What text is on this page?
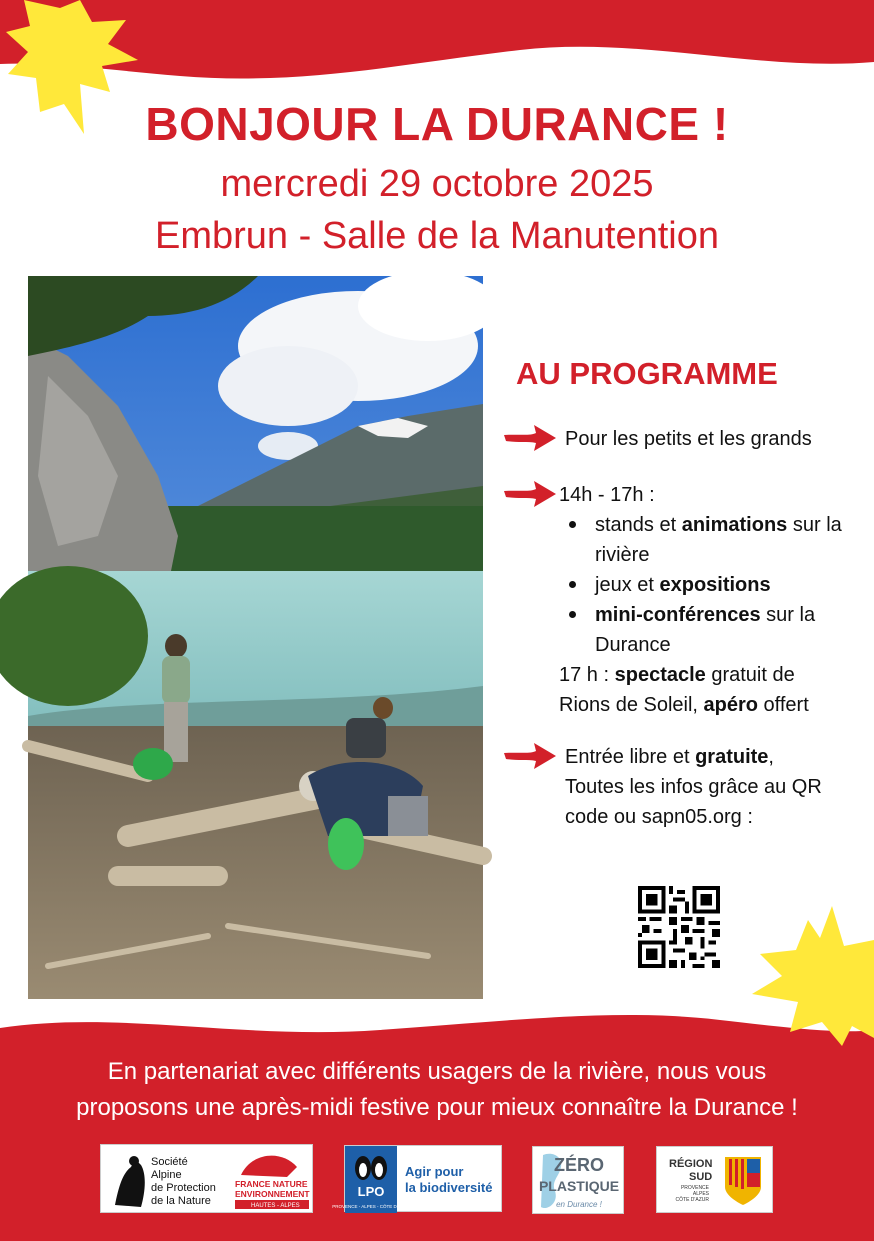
BONJOUR LA DURANCE !
mercredi 29 octobre 2025
Embrun - Salle de la Manutention
AU PROGRAMME
Pour les petits et les grands
14h - 17h :
stands et animations sur la rivière
jeux et expositions
mini-conférences sur la Durance
17 h : spectacle gratuit de Rions de Soleil, apéro offert
Entrée libre et gratuite,
Toutes les infos grâce au QR code ou sapn05.org :
En partenariat avec différents usagers de la rivière, nous vous
proposons une après-midi festive pour mieux connaître la Durance !
Société
Alpine
de Protection
de la Nature
FRANCE NATURE
ENVIRONNEMENT
HAUTES - ALPES
LPO
PROVENCE - ALPES - CÔTE D'AZUR
Agir pour
la biodiversité
ZÉRO
PLASTIQUE
en Durance !
RÉGION
SUD
PROVENCE
ALPES
CÔTE D'AZUR
